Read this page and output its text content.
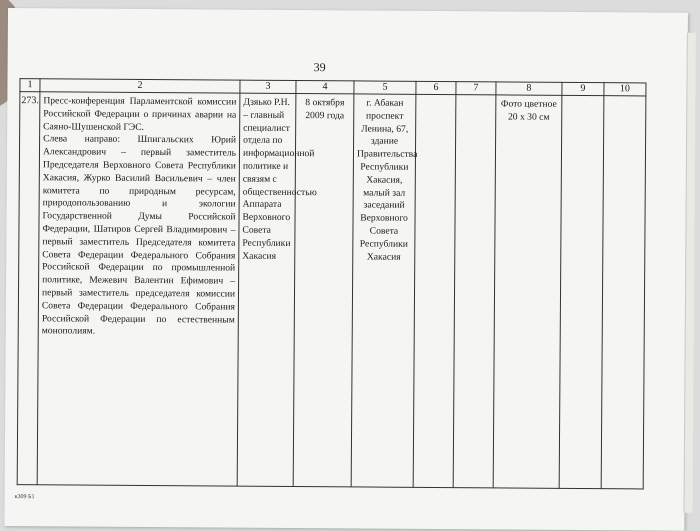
39
1	2	3	4	5	6	7	8	9	10

273.	Пресс-конференция Парламентской комиссии Российской Федерации о причинах аварии на Саяно-Шушенской ГЭС.
Слева направо: Шпигальских Юрий Александрович – первый заместитель Председателя Верховного Совета Республики Хакасия, Журко Василий Васильевич – член комитета по природным ресурсам, природопользованию и экологии Государственной Думы Российской Федерации, Шатиров Сергей Владимирович – первый заместитель Председателя комитета Совета Федерации Федерального Собрания Российской Федерации по промышленной политике, Межевич Валентин Ефимович – первый заместитель председателя комиссии Совета Федерации Федерального Собрания Российской Федерации по естественным монополиям.	Дзяько Р.Н. – главный специалист отдела по информационной политике и связям с общественностью Аппарата Верховного Совета Республики Хакасия	8 октября 2009 года	г. Абакан проспект Ленина, 67, здание Правительства Республики Хакасия, малый зал заседаний Верховного Совета Республики Хакасия			Фото цветное 20 х 30 см		

к309 Б1
